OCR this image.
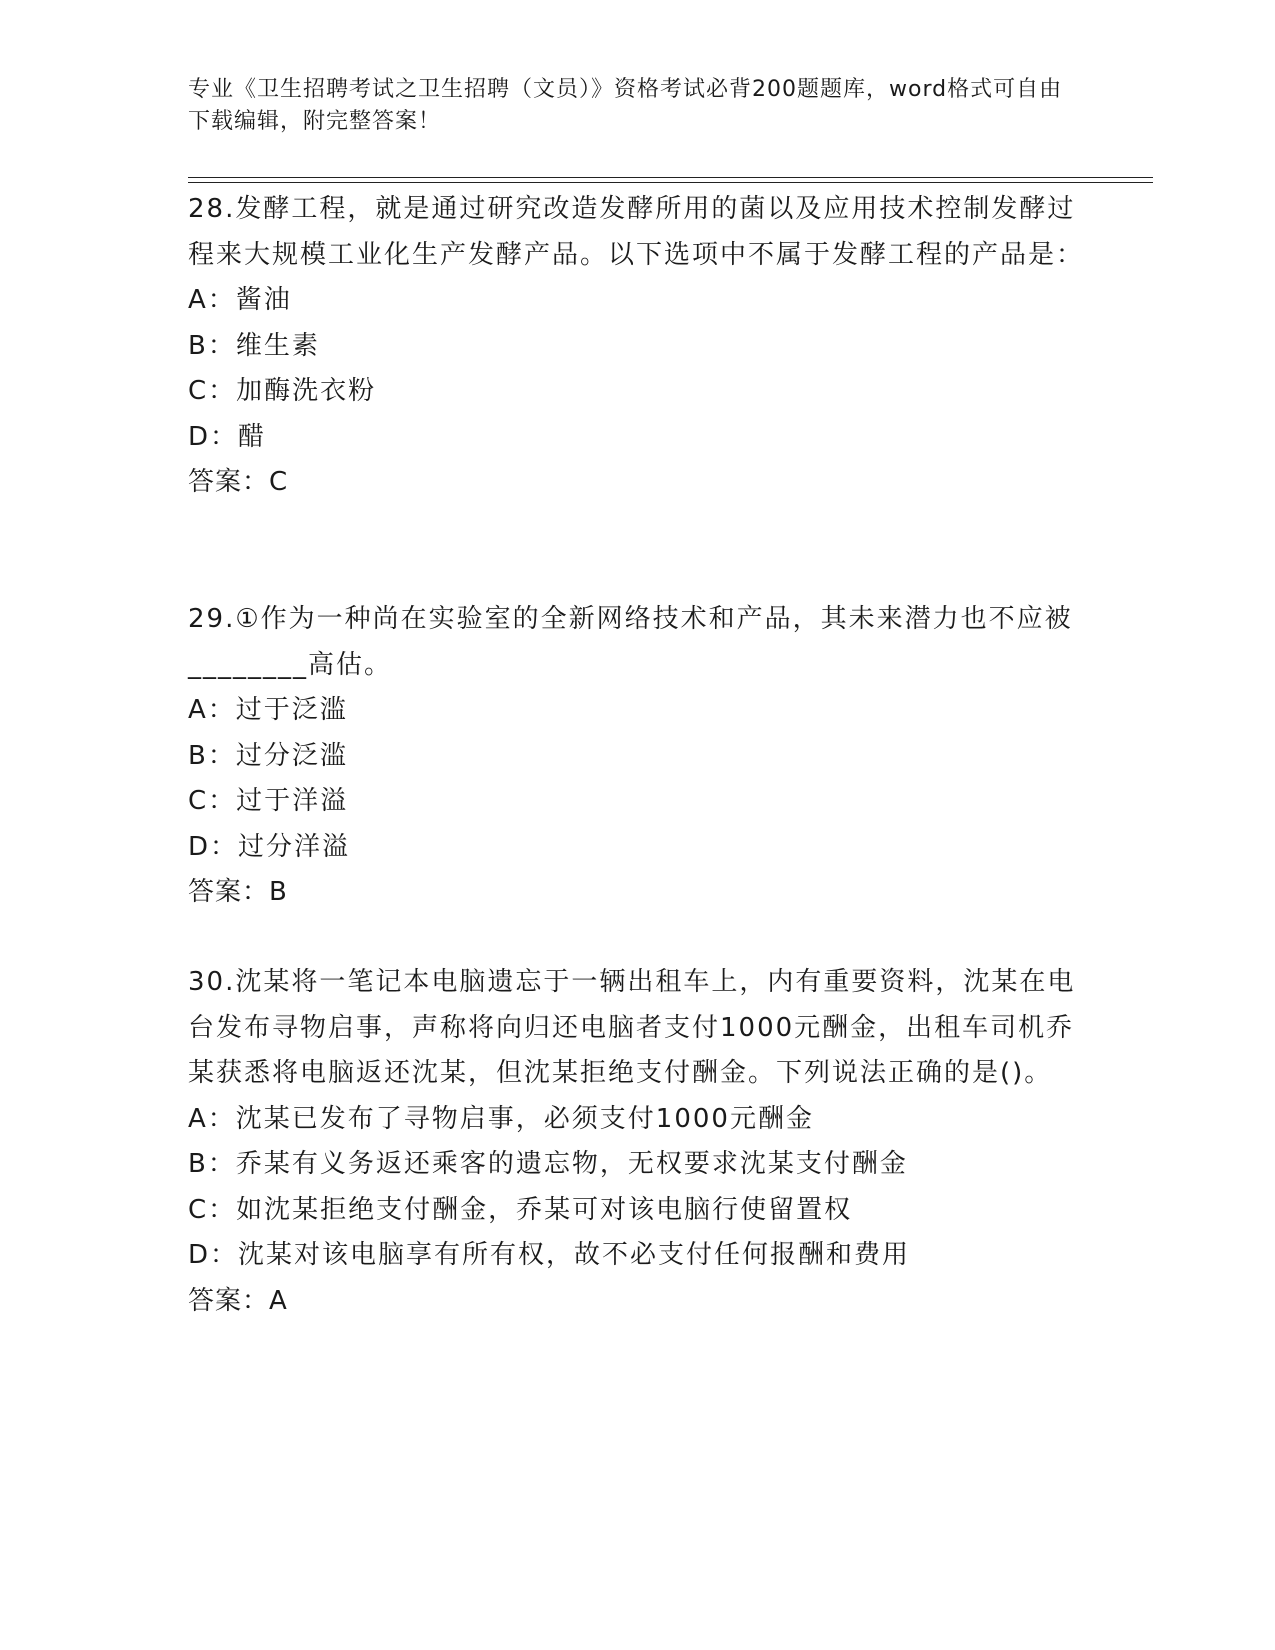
专业《卫生招聘考试之卫生招聘（文员）》资格考试必背200题题库，word格式可自由下载编辑，附完整答案！

28.发酵工程，就是通过研究改造发酵所用的菌以及应用技术控制发酵过程来大规模工业化生产发酵产品。以下选项中不属于发酵工程的产品是：

A：酱油

B：维生素

C：加酶洗衣粉

D：醋

答案：C

29.①作为一种尚在实验室的全新网络技术和产品，其未来潜力也不应被________高估。

A：过于泛滥

B：过分泛滥

C：过于洋溢

D：过分洋溢

答案：B

30.沈某将一笔记本电脑遗忘于一辆出租车上，内有重要资料，沈某在电台发布寻物启事，声称将向归还电脑者支付1000元酬金，出租车司机乔某获悉将电脑返还沈某，但沈某拒绝支付酬金。下列说法正确的是()。

A：沈某已发布了寻物启事，必须支付1000元酬金

B：乔某有义务返还乘客的遗忘物，无权要求沈某支付酬金

C：如沈某拒绝支付酬金，乔某可对该电脑行使留置权

D：沈某对该电脑享有所有权，故不必支付任何报酬和费用

答案：A
